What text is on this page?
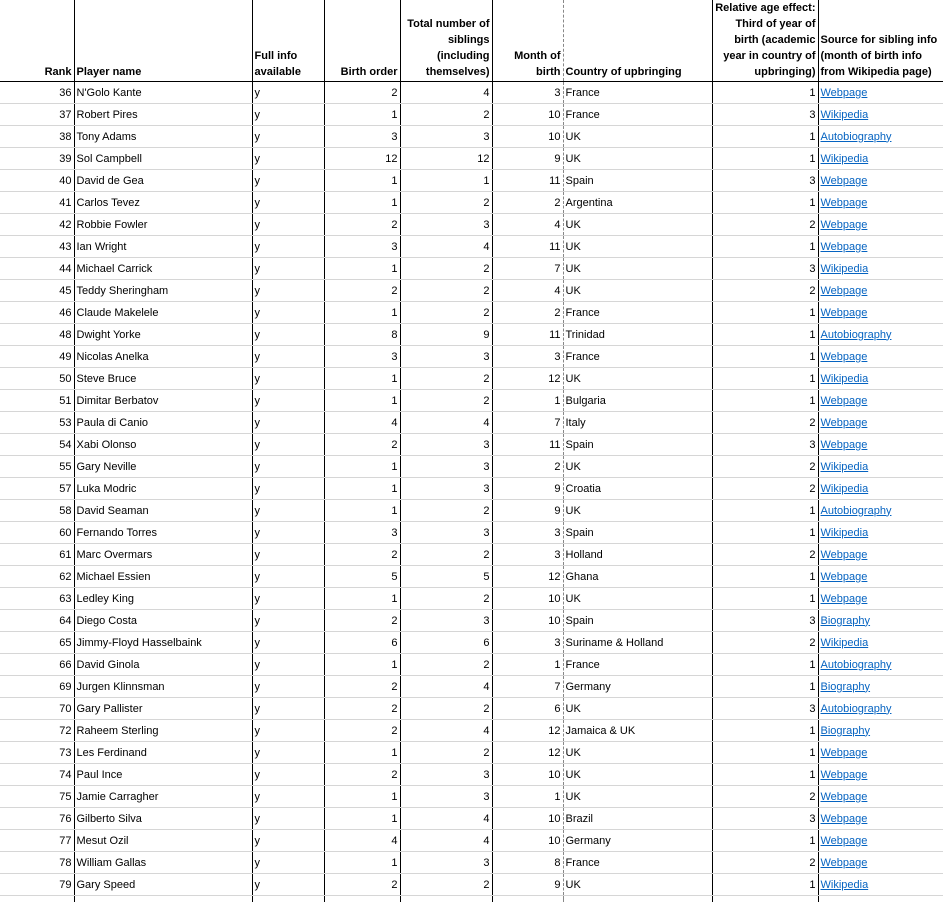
Rank	Player name	Full info available	Birth order	Total number of siblings (including themselves)	Month of birth	Country of upbringing	Relative age effect: Third of year of birth (academic year in country of upbringing)	Source for sibling info (month of birth info from Wikipedia page)
36	N'Golo Kante	y	2	4	3	France	1	Webpage
37	Robert Pires	y	1	2	10	France	3	Wikipedia
38	Tony Adams	y	3	3	10	UK	1	Autobiography
39	Sol Campbell	y	12	12	9	UK	1	Wikipedia
40	David de Gea	y	1	1	11	Spain	3	Webpage
41	Carlos Tevez	y	1	2	2	Argentina	1	Webpage
42	Robbie Fowler	y	2	3	4	UK	2	Webpage
43	Ian Wright	y	3	4	11	UK	1	Webpage
44	Michael Carrick	y	1	2	7	UK	3	Wikipedia
45	Teddy Sheringham	y	2	2	4	UK	2	Webpage
46	Claude Makelele	y	1	2	2	France	1	Webpage
48	Dwight Yorke	y	8	9	11	Trinidad	1	Autobiography
49	Nicolas Anelka	y	3	3	3	France	1	Webpage
50	Steve Bruce	y	1	2	12	UK	1	Wikipedia
51	Dimitar Berbatov	y	1	2	1	Bulgaria	1	Webpage
53	Paula di Canio	y	4	4	7	Italy	2	Webpage
54	Xabi Olonso	y	2	3	11	Spain	3	Webpage
55	Gary Neville	y	1	3	2	UK	2	Wikipedia
57	Luka Modric	y	1	3	9	Croatia	2	Wikipedia
58	David Seaman	y	1	2	9	UK	1	Autobiography
60	Fernando Torres	y	3	3	3	Spain	1	Wikipedia
61	Marc Overmars	y	2	2	3	Holland	2	Webpage
62	Michael Essien	y	5	5	12	Ghana	1	Webpage
63	Ledley King	y	1	2	10	UK	1	Webpage
64	Diego Costa	y	2	3	10	Spain	3	Biography
65	Jimmy-Floyd Hasselbaink	y	6	6	3	Suriname & Holland	2	Wikipedia
66	David Ginola	y	1	2	1	France	1	Autobiography
69	Jurgen Klinnsman	y	2	4	7	Germany	1	Biography
70	Gary Pallister	y	2	2	6	UK	3	Autobiography
72	Raheem Sterling	y	2	4	12	Jamaica & UK	1	Biography
73	Les Ferdinand	y	1	2	12	UK	1	Webpage
74	Paul Ince	y	2	3	10	UK	1	Webpage
75	Jamie Carragher	y	1	3	1	UK	2	Webpage
76	Gilberto Silva	y	1	4	10	Brazil	3	Webpage
77	Mesut Ozil	y	4	4	10	Germany	1	Webpage
78	William Gallas	y	1	3	8	France	2	Webpage
79	Gary Speed	y	2	2	9	UK	1	Wikipedia
